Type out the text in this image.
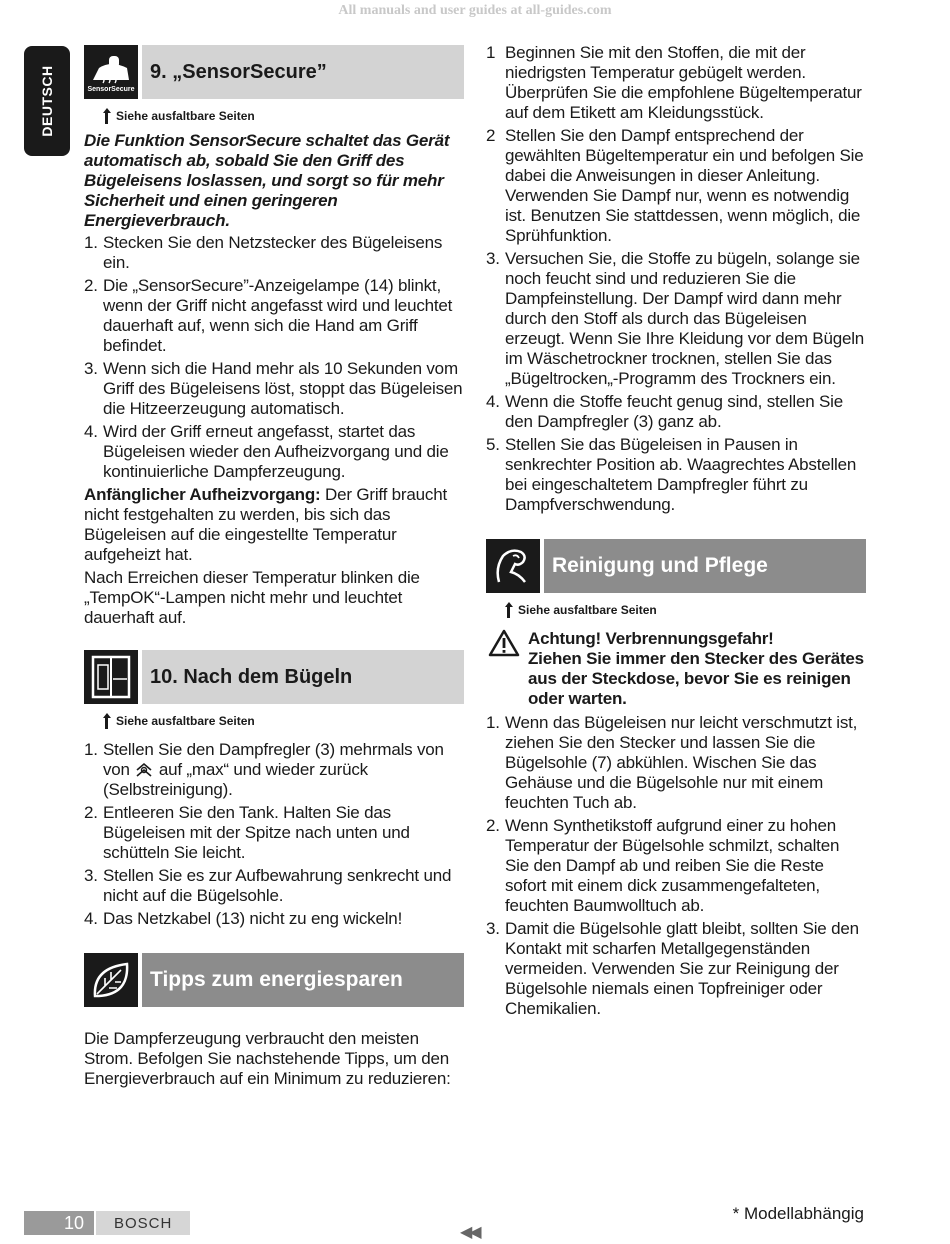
All manuals and user guides at all-guides.com
DEUTSCH	SensorSecure
9. „SensorSecure”
Siehe ausfaltbare Seiten

Die Funktion SensorSecure schaltet das Gerät automatisch ab, sobald Sie den Griff des Bügeleisens loslassen, und sorgt so für mehr Sicherheit und einen geringeren Energieverbrauch.

1. Stecken Sie den Netzstecker des Bügeleisens ein.
2. Die „SensorSecure”-Anzeigelampe (14) blinkt, wenn der Griff nicht angefasst wird und leuchtet dauerhaft auf, wenn sich die Hand am Griff befindet.
3. Wenn sich die Hand mehr als 10 Sekunden vom Griff des Bügeleisens löst, stoppt das Bügeleisen die Hitzeerzeugung automatisch.
4. Wird der Griff erneut angefasst, startet das Bügeleisen wieder den Aufheizvorgang und die kontinuierliche Dampferzeugung.

Anfänglicher Aufheizvorgang: Der Griff braucht nicht festgehalten zu werden, bis sich das Bügeleisen auf die eingestellte Temperatur aufgeheizt hat.

Nach Erreichen dieser Temperatur blinken die „TempOK“-Lampen nicht mehr und leuchtet dauerhaft auf.

10. Nach dem Bügeln
Siehe ausfaltbare Seiten
1. Stellen Sie den Dampfregler (3) mehrmals von
von  auf „max“ und wieder zurück (Selbstreinigung).
2. Entleeren Sie den Tank. Halten Sie das Bügeleisen mit der Spitze nach unten und schütteln Sie leicht.
3. Stellen Sie es zur Aufbewahrung senkrecht und nicht auf die Bügelsohle.
4. Das Netzkabel (13) nicht zu eng wickeln!
Tipps zum energiesparen

Die Dampferzeugung verbraucht den meisten Strom. Befolgen Sie nachstehende Tipps, um den Energieverbrauch auf ein Minimum zu reduzieren:

1 Beginnen Sie mit den Stoffen, die mit der niedrigsten Temperatur gebügelt werden. Überprüfen Sie die empfohlene Bügeltemperatur auf dem Etikett am Kleidungsstück.
2 Stellen Sie den Dampf entsprechend der gewählten Bügeltemperatur ein und befolgen Sie dabei die Anweisungen in dieser Anleitung. Verwenden Sie Dampf nur, wenn es notwendig ist. Benutzen Sie stattdessen, wenn möglich, die Sprühfunktion.
3. Versuchen Sie, die Stoffe zu bügeln, solange sie noch feucht sind und reduzieren Sie die Dampfeinstellung. Der Dampf wird dann mehr durch den Stoff als durch das Bügeleisen erzeugt. Wenn Sie Ihre Kleidung vor dem Bügeln im Wäschetrockner trocknen, stellen Sie das „Bügeltrocken„-Programm des Trockners ein.
4. Wenn die Stoffe feucht genug sind, stellen Sie den Dampfregler (3) ganz ab.
5. Stellen Sie das Bügeleisen in Pausen in senkrechter Position ab. Waagrechtes Abstellen bei eingeschaltetem Dampfregler führt zu Dampfverschwendung.
Reinigung und Pflege
Siehe ausfaltbare Seiten

Achtung! Verbrennungsgefahr!

Ziehen Sie immer den Stecker des Gerätes aus der Steckdose, bevor Sie es reinigen oder warten.

1. Wenn das Bügeleisen nur leicht verschmutzt ist, ziehen Sie den Stecker und lassen Sie die Bügelsohle (7) abkühlen. Wischen Sie das Gehäuse und die Bügelsohle nur mit einem feuchten Tuch ab.
2. Wenn Synthetikstoff aufgrund einer zu hohen Temperatur der Bügelsohle schmilzt, schalten Sie den Dampf ab und reiben Sie die Reste sofort mit einem dick zusammengefalteten, feuchten Baumwolltuch ab.
3. Damit die Bügelsohle glatt bleibt, sollten Sie den Kontakt mit scharfen Metallgegenständen vermeiden. Verwenden Sie zur Reinigung der Bügelsohle niemals einen Topfreiniger oder Chemikalien.
10	BOSCH
◀◀
* Modellabhängig
